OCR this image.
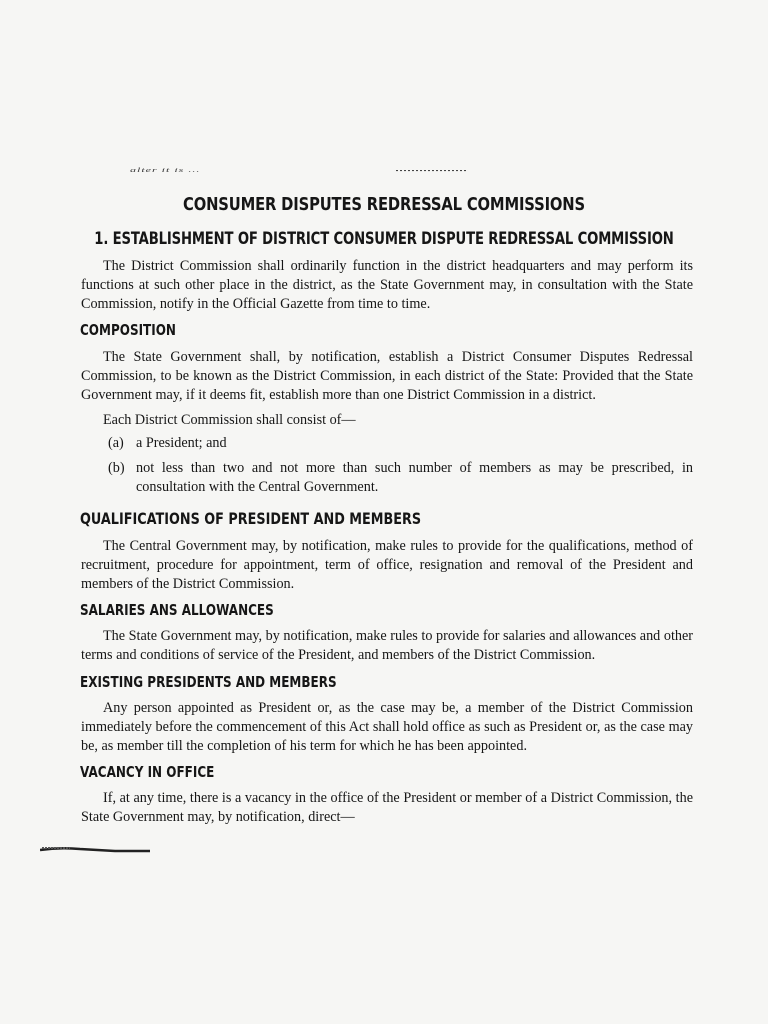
alter it is ...
CONSUMER DISPUTES REDRESSAL COMMISSIONS
1. ESTABLISHMENT OF DISTRICT CONSUMER DISPUTE REDRESSAL COMMISSION

The District Commission shall ordinarily function in the district headquarters and may perform its functions at such other place in the district, as the State Government may, in consultation with the State Commission, notify in the Official Gazette from time to time.

COMPOSITION

The State Government shall, by notification, establish a District Consumer Disputes Redressal Commission, to be known as the District Commission, in each district of the State: Provided that the State Government may, if it deems fit, establish more than one District Commission in a district.

Each District Commission shall consist of—
(a) a President; and
(b) not less than two and not more than such number of members as may be prescribed, in consultation with the Central Government.
QUALIFICATIONS OF PRESIDENT AND MEMBERS

The Central Government may, by notification, make rules to provide for the qualifications, method of recruitment, procedure for appointment, term of office, resignation and removal of the President and members of the District Commission.

SALARIES ANS ALLOWANCES

The State Government may, by notification, make rules to provide for salaries and allowances and other terms and conditions of service of the President, and members of the District Commission.

EXISTING PRESIDENTS AND MEMBERS

Any person appointed as President or, as the case may be, a member of the District Commission immediately before the commencement of this Act shall hold office as such as President or, as the case may be, as member till the completion of his term for which he has been appointed.

VACANCY IN OFFICE

If, at any time, there is a vacancy in the office of the President or member of a District Commission, the State Government may, by notification, direct—
